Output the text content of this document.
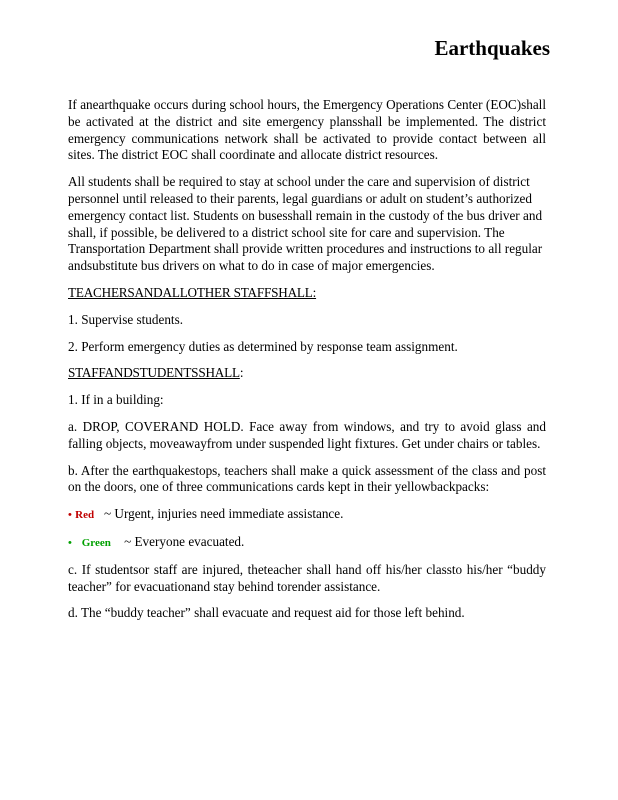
Earthquakes

If anearthquake occurs during school hours, the Emergency Operations Center (EOC)shall be activated at the district and site emergency plansshall be implemented. The district emergency communications network shall be activated to provide contact between all sites. The district EOC shall coordinate and allocate district resources.

All students shall be required to stay at school under the care and supervision of district personnel until released to their parents, legal guardians or adult on student’s authorized emergency contact list. Students on busesshall remain in the custody of the bus driver and shall, if possible, be delivered to a district school site for care and supervision. The Transportation Department shall provide written procedures and instructions to all regular andsubstitute bus drivers on what to do in case of major emergencies.

TEACHERSANDALLOTHER STAFFSHALL:

1. Supervise students.

2. Perform emergency duties as determined by response team assignment.

STAFFANDSTUDENTSSHALL:

1. If in a building:

a. DROP, COVERAND HOLD. Face away from windows, and try to avoid glass and falling objects, moveawayfrom under suspended light fixtures. Get under chairs or tables.

b. After the earthquakestops, teachers shall make a quick assessment of the class and post on the doors, one of three communications cards kept in their yellowbackpacks:

• Red ~ Urgent, injuries need immediate assistance.

• Green ~ Everyone evacuated.

c. If studentsor staff are injured, theteacher shall hand off his/her classto his/her “buddy teacher” for evacuationand stay behind torender assistance.

d. The “buddy teacher” shall evacuate and request aid for those left behind.
